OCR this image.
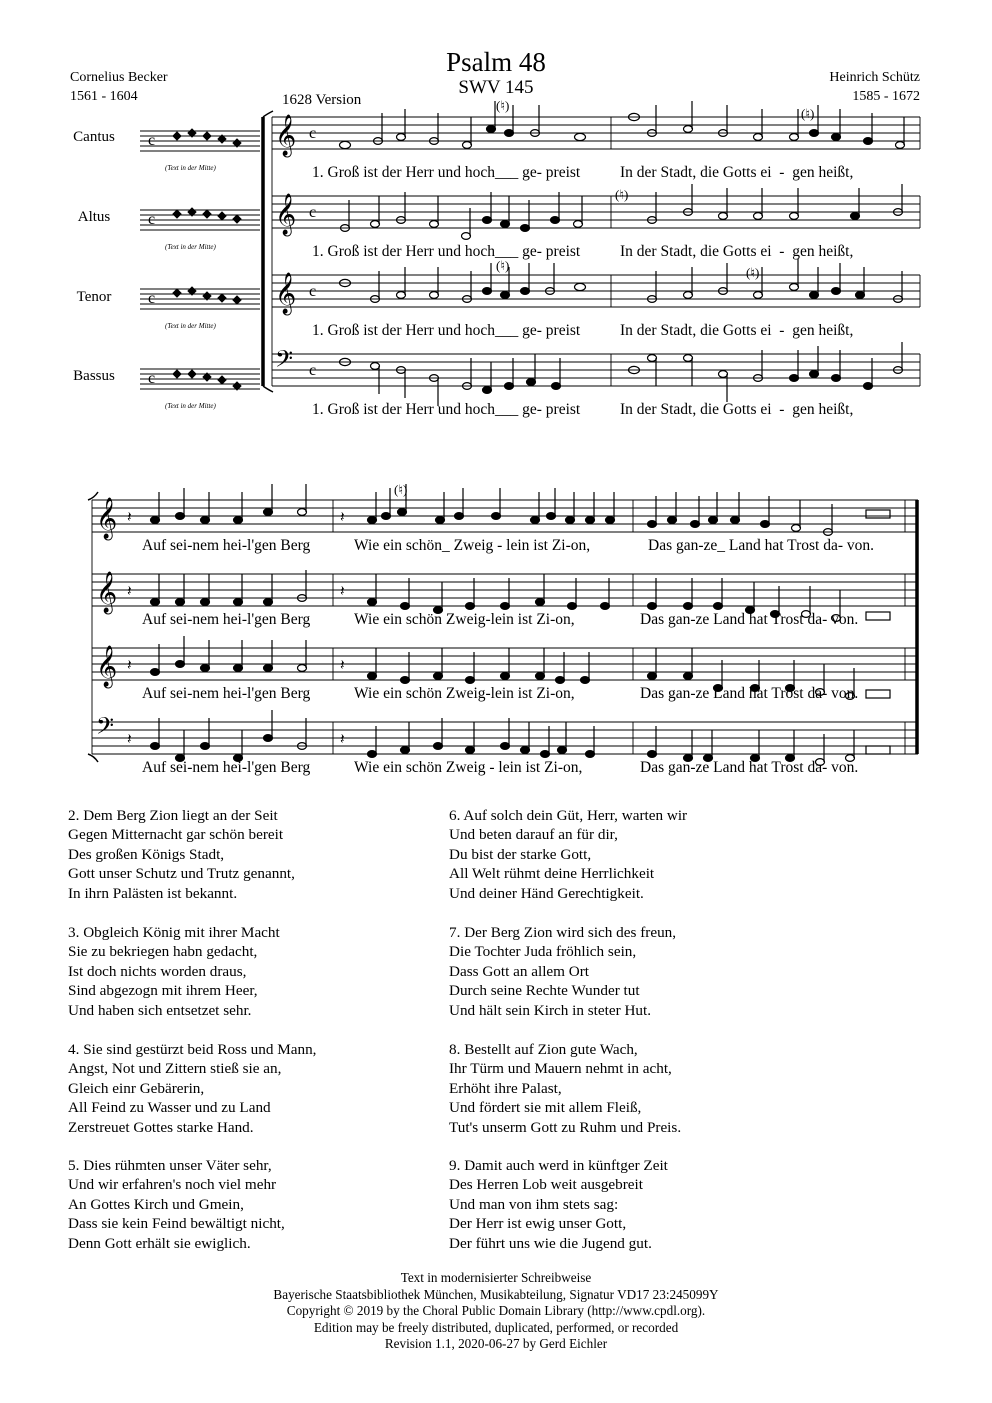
Psalm 48
SWV 145
Cornelius Becker
1561 - 1604
Heinrich Schütz
1585 - 1672
1628 Version
Cantus
Altus
Tenor
Bassus
(Text in der Mitte)
(Text in der Mitte)
(Text in der Mitte)
(Text in der Mitte)
𝄞
𝄞
𝄞
𝄢
𝄞
𝄞
𝄞
𝄢
c
c
c
c
c
c
c
c
𝄽
𝄽
𝄽
𝄽
𝄽
𝄽
𝄽
𝄽
(♮)
(♮)
(♮)
(♮)	(♮)
(♮)
1. Groß ist der Herr und hoch___ ge- preist	In der Stadt, die Gotts ei - gen heißt,
1. Groß ist der Herr und hoch___ ge- preist	In der Stadt, die Gotts ei - gen heißt,
1. Groß ist der Herr und hoch___ ge- preist	In der Stadt, die Gotts ei - gen heißt,
1. Groß ist der Herr und hoch___ ge- preist	In der Stadt, die Gotts ei - gen heißt,
Auf sei-nem hei-l'gen Berg	Wie ein schön_ Zweig - lein ist Zi-on,	Das gan-ze_ Land hat Trost da- von.
Auf sei-nem hei-l'gen Berg	Wie ein schön Zweig-lein ist Zi-on,	Das gan-ze Land hat Trost da- von.
Auf sei-nem hei-l'gen Berg	Wie ein schön Zweig-lein ist Zi-on,	Das gan-ze Land hat Trost da- von.
Auf sei-nem hei-l'gen Berg	Wie ein schön Zweig - lein ist Zi-on,	Das gan-ze Land hat Trost da- von.
2. Dem Berg Zion liegt an der Seit
Gegen Mitternacht gar schön bereit
Des großen Königs Stadt,
Gott unser Schutz und Trutz genannt,
In ihrn Palästen ist bekannt.
3. Obgleich König mit ihrer Macht
Sie zu bekriegen habn gedacht,
Ist doch nichts worden draus,
Sind abgezogn mit ihrem Heer,
Und haben sich entsetzet sehr.
4. Sie sind gestürzt beid Ross und Mann,
Angst, Not und Zittern stieß sie an,
Gleich einr Gebärerin,
All Feind zu Wasser und zu Land
Zerstreuet Gottes starke Hand.
5. Dies rühmten unser Väter sehr,
Und wir erfahren's noch viel mehr
An Gottes Kirch und Gmein,
Dass sie kein Feind bewältigt nicht,
Denn Gott erhält sie ewiglich.
6. Auf solch dein Güt, Herr, warten wir
Und beten darauf an für dir,
Du bist der starke Gott,
All Welt rühmt deine Herrlichkeit
Und deiner Händ Gerechtigkeit.
7. Der Berg Zion wird sich des freun,
Die Tochter Juda fröhlich sein,
Dass Gott an allem Ort
Durch seine Rechte Wunder tut
Und hält sein Kirch in steter Hut.
8. Bestellt auf Zion gute Wach,
Ihr Türm und Mauern nehmt in acht,
Erhöht ihre Palast,
Und fördert sie mit allem Fleiß,
Tut's unserm Gott zu Ruhm und Preis.
9. Damit auch werd in künftger Zeit
Des Herren Lob weit ausgebreit
Und man von ihm stets sag:
Der Herr ist ewig unser Gott,
Der führt uns wie die Jugend gut.
Text in modernisierter Schreibweise
Bayerische Staatsbibliothek München, Musikabteilung, Signatur VD17 23:245099Y
Copyright © 2019 by the Choral Public Domain Library (http://www.cpdl.org).
Edition may be freely distributed, duplicated, performed, or recorded
Revision 1.1, 2020-06-27 by Gerd Eichler
